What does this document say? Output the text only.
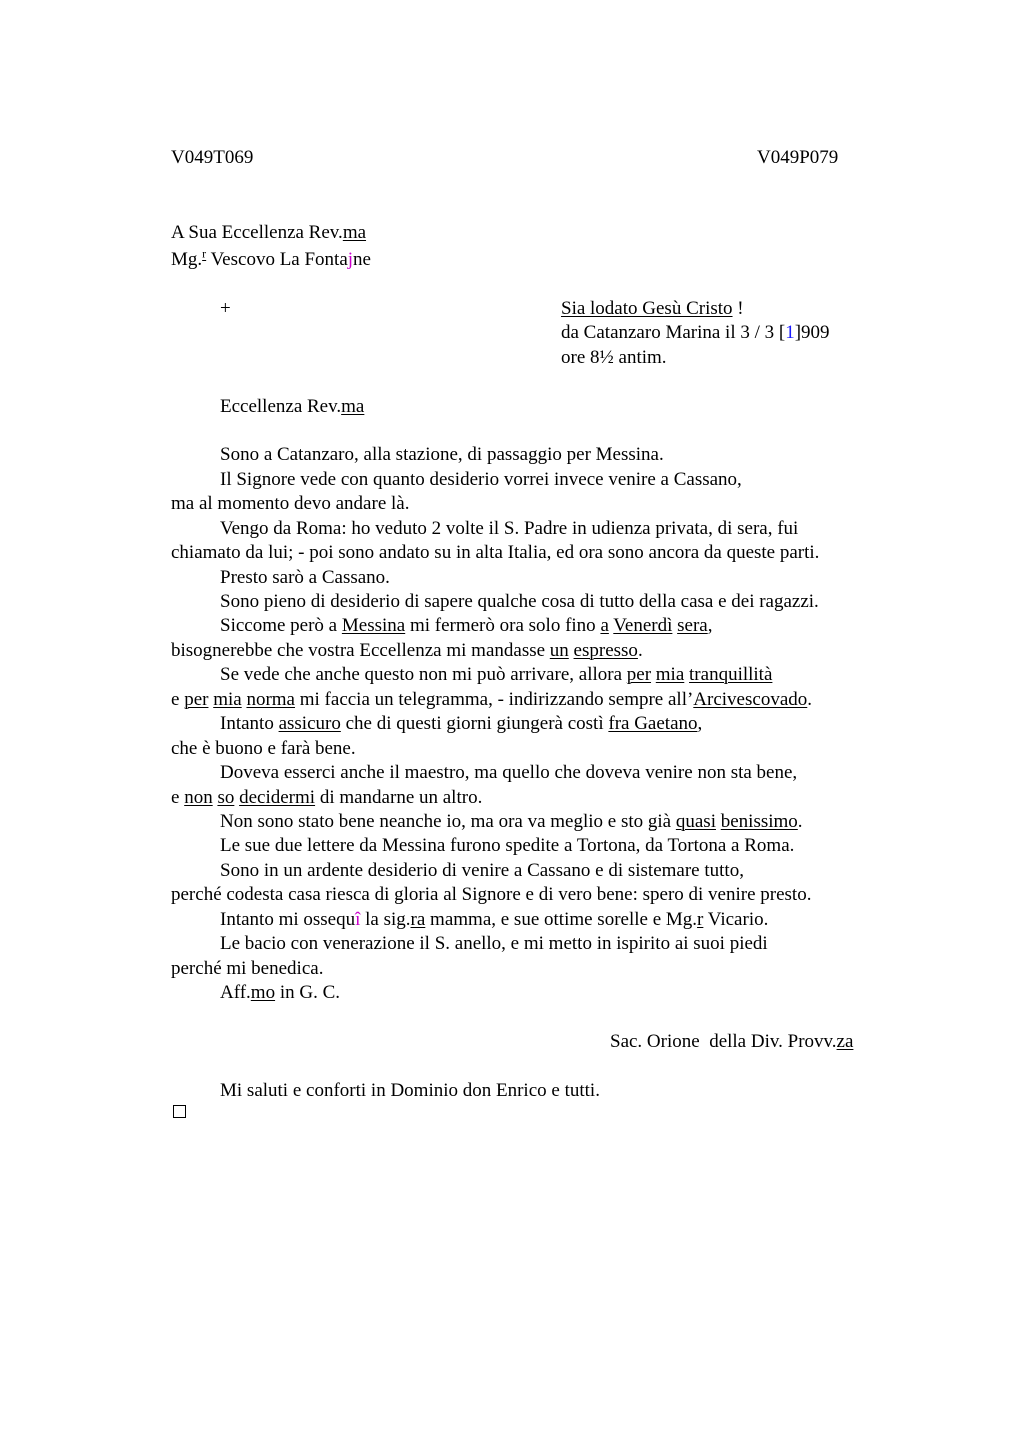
V049T069	V049P079
A Sua Eccellenza Rev.ma
Mg.$^r$ Vescovo La Fontajne
+	Sia lodato Gesù Cristo !
da Catanzaro Marina il 3 / 3 [1]909
ore 8½ antim.
Eccellenza Rev.ma
Sono a Catanzaro, alla stazione, di passaggio per Messina.
Il Signore vede con quanto desiderio vorrei invece venire a Cassano,
ma al momento devo andare là.
Vengo da Roma: ho veduto 2 volte il S. Padre in udienza privata, di sera, fui
chiamato da lui; - poi sono andato su in alta Italia, ed ora sono ancora da queste parti.
Presto sarò a Cassano.
Sono pieno di desiderio di sapere qualche cosa di tutto della casa e dei ragazzi.
Siccome però a Messina mi fermerò ora solo fino a Venerdì sera,
bisognerebbe che vostra Eccellenza mi mandasse un espresso.
Se vede che anche questo non mi può arrivare, allora per mia tranquillità
e per mia norma mi faccia un telegramma, - indirizzando sempre all’Arcivescovado.
Intanto assicuro che di questi giorni giungerà costì fra Gaetano,
che è buono e farà bene.
Doveva esserci anche il maestro, ma quello che doveva venire non sta bene,
e non so decidermi di mandarne un altro.
Non sono stato bene neanche io, ma ora va meglio e sto già quasi benissimo.
Le sue due lettere da Messina furono spedite a Tortona, da Tortona a Roma.
Sono in un ardente desiderio di venire a Cassano e di sistemare tutto,
perché codesta casa riesca di gloria al Signore e di vero bene: spero di venire presto.
Intanto mi ossequî la sig.ra mamma, e sue ottime sorelle e Mg.r Vicario.
Le bacio con venerazione il S. anello, e mi metto in ispirito ai suoi piedi
perché mi benedica.
Aff.mo in G. C.
Sac. Orione  della Div. Provv.za
Mi saluti e conforti in Dominio don Enrico e tutti.
